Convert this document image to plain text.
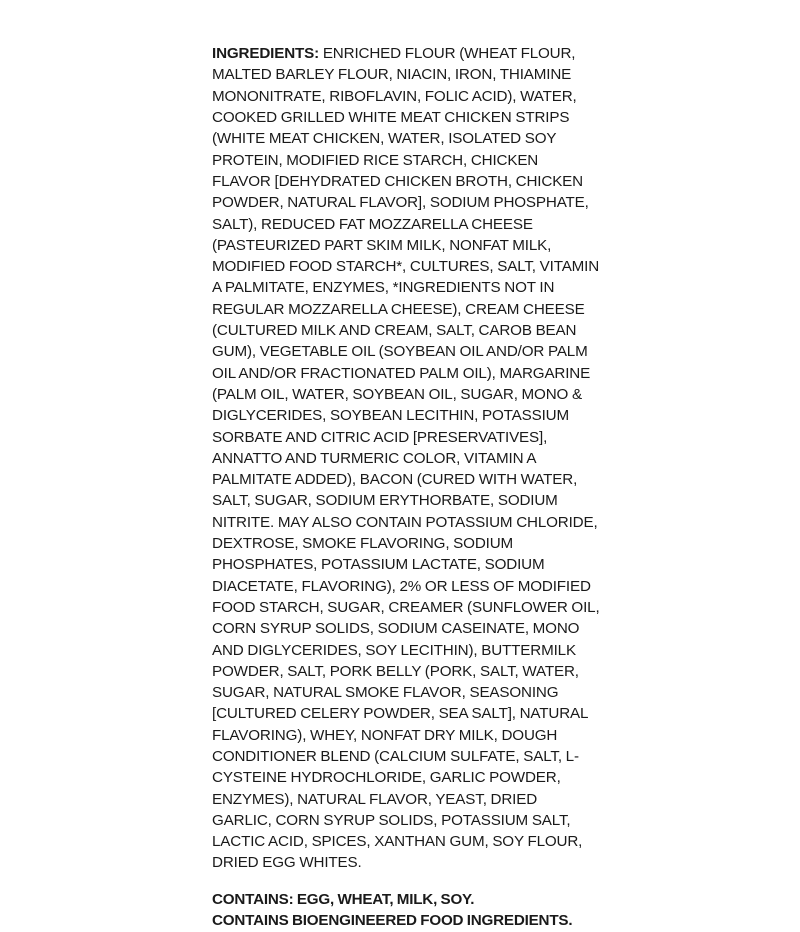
INGREDIENTS: ENRICHED FLOUR (WHEAT FLOUR, MALTED BARLEY FLOUR, NIACIN, IRON, THIAMINE MONONITRATE, RIBOFLAVIN, FOLIC ACID), WATER, COOKED GRILLED WHITE MEAT CHICKEN STRIPS (WHITE MEAT CHICKEN, WATER, ISOLATED SOY PROTEIN, MODIFIED RICE STARCH, CHICKEN FLAVOR [DEHYDRATED CHICKEN BROTH, CHICKEN POWDER, NATURAL FLAVOR], SODIUM PHOSPHATE, SALT), REDUCED FAT MOZZARELLA CHEESE (PASTEURIZED PART SKIM MILK, NONFAT MILK, MODIFIED FOOD STARCH*, CULTURES, SALT, VITAMIN A PALMITATE, ENZYMES, *INGREDIENTS NOT IN REGULAR MOZZARELLA CHEESE), CREAM CHEESE (CULTURED MILK AND CREAM, SALT, CAROB BEAN GUM), VEGETABLE OIL (SOYBEAN OIL AND/OR PALM OIL AND/OR FRACTIONATED PALM OIL), MARGARINE (PALM OIL, WATER, SOYBEAN OIL, SUGAR, MONO & DIGLYCERIDES, SOYBEAN LECITHIN, POTASSIUM SORBATE AND CITRIC ACID [PRESERVATIVES], ANNATTO AND TURMERIC COLOR, VITAMIN A PALMITATE ADDED), BACON (CURED WITH WATER, SALT, SUGAR, SODIUM ERYTHORBATE, SODIUM NITRITE. MAY ALSO CONTAIN POTASSIUM CHLORIDE, DEXTROSE, SMOKE FLAVORING, SODIUM PHOSPHATES, POTASSIUM LACTATE, SODIUM DIACETATE, FLAVORING), 2% OR LESS OF MODIFIED FOOD STARCH, SUGAR, CREAMER (SUNFLOWER OIL, CORN SYRUP SOLIDS, SODIUM CASEINATE, MONO AND DIGLYCERIDES, SOY LECITHIN), BUTTERMILK POWDER, SALT, PORK BELLY (PORK, SALT, WATER, SUGAR, NATURAL SMOKE FLAVOR, SEASONING [CULTURED CELERY POWDER, SEA SALT], NATURAL FLAVORING), WHEY, NONFAT DRY MILK, DOUGH CONDITIONER BLEND (CALCIUM SULFATE, SALT, L-CYSTEINE HYDROCHLORIDE, GARLIC POWDER, ENZYMES), NATURAL FLAVOR, YEAST, DRIED GARLIC, CORN SYRUP SOLIDS, POTASSIUM SALT, LACTIC ACID, SPICES, XANTHAN GUM, SOY FLOUR, DRIED EGG WHITES.

CONTAINS: EGG, WHEAT, MILK, SOY.
CONTAINS BIOENGINEERED FOOD INGREDIENTS.
